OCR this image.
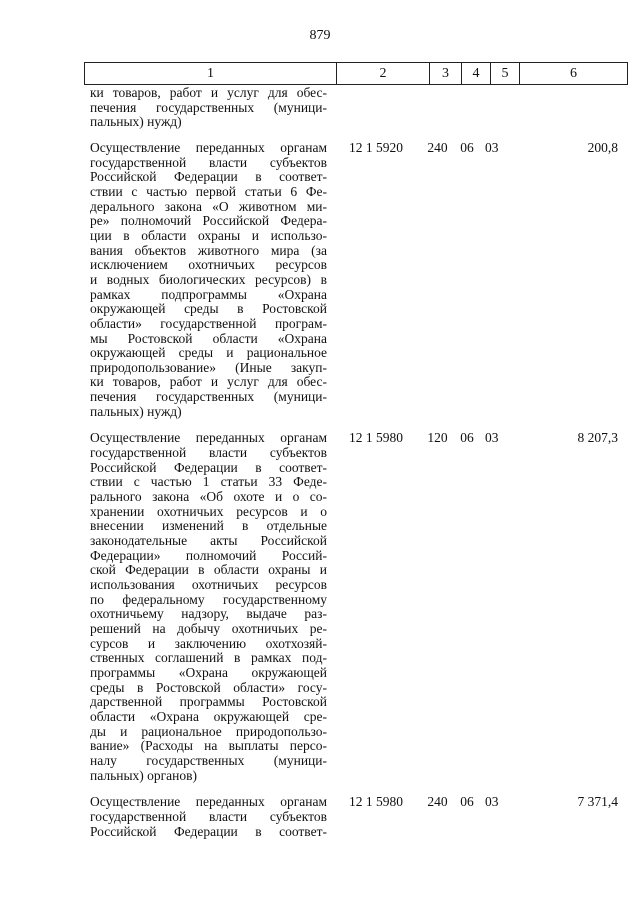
879
1	2	3	4	5	6
ки товаров, работ и услуг для обес-
печения государственных (муници-
пальных) нужд)
Осуществление переданных органам
государственной власти субъектов
Российской Федерации в соответ-
ствии с частью первой статьи 6 Фе-
дерального закона «О животном ми-
ре» полномочий Российской Федера-
ции в области охраны и использо-
вания объектов животного мира (за
исключением охотничьих ресурсов
и водных биологических ресурсов) в
рамках подпрограммы «Охрана
окружающей среды в Ростовской
области» государственной програм-
мы Ростовской области «Охрана
окружающей среды и рациональное
природопользование» (Иные закуп-
ки товаров, работ и услуг для обес-
печения государственных (муници-
пальных) нужд)
12 1 5920	240 06 03	200,8
Осуществление переданных органам
государственной власти субъектов
Российской Федерации в соответ-
ствии с частью 1 статьи 33 Феде-
рального закона «Об охоте и о со-
хранении охотничьих ресурсов и о
внесении изменений в отдельные
законодательные акты Российской
Федерации» полномочий Россий-
ской Федерации в области охраны и
использования охотничьих ресурсов
по федеральному государственному
охотничьему надзору, выдаче раз-
решений на добычу охотничьих ре-
сурсов и заключению охотхозяй-
ственных соглашений в рамках под-
программы «Охрана окружающей
среды в Ростовской области» госу-
дарственной программы Ростовской
области «Охрана окружающей сре-
ды и рациональное природопользо-
вание» (Расходы на выплаты персо-
налу государственных (муници-
пальных) органов)
12 1 5980	120 06 03	8 207,3
Осуществление переданных органам
государственной власти субъектов
Российской Федерации в соответ-
12 1 5980	240 06 03	7 371,4
